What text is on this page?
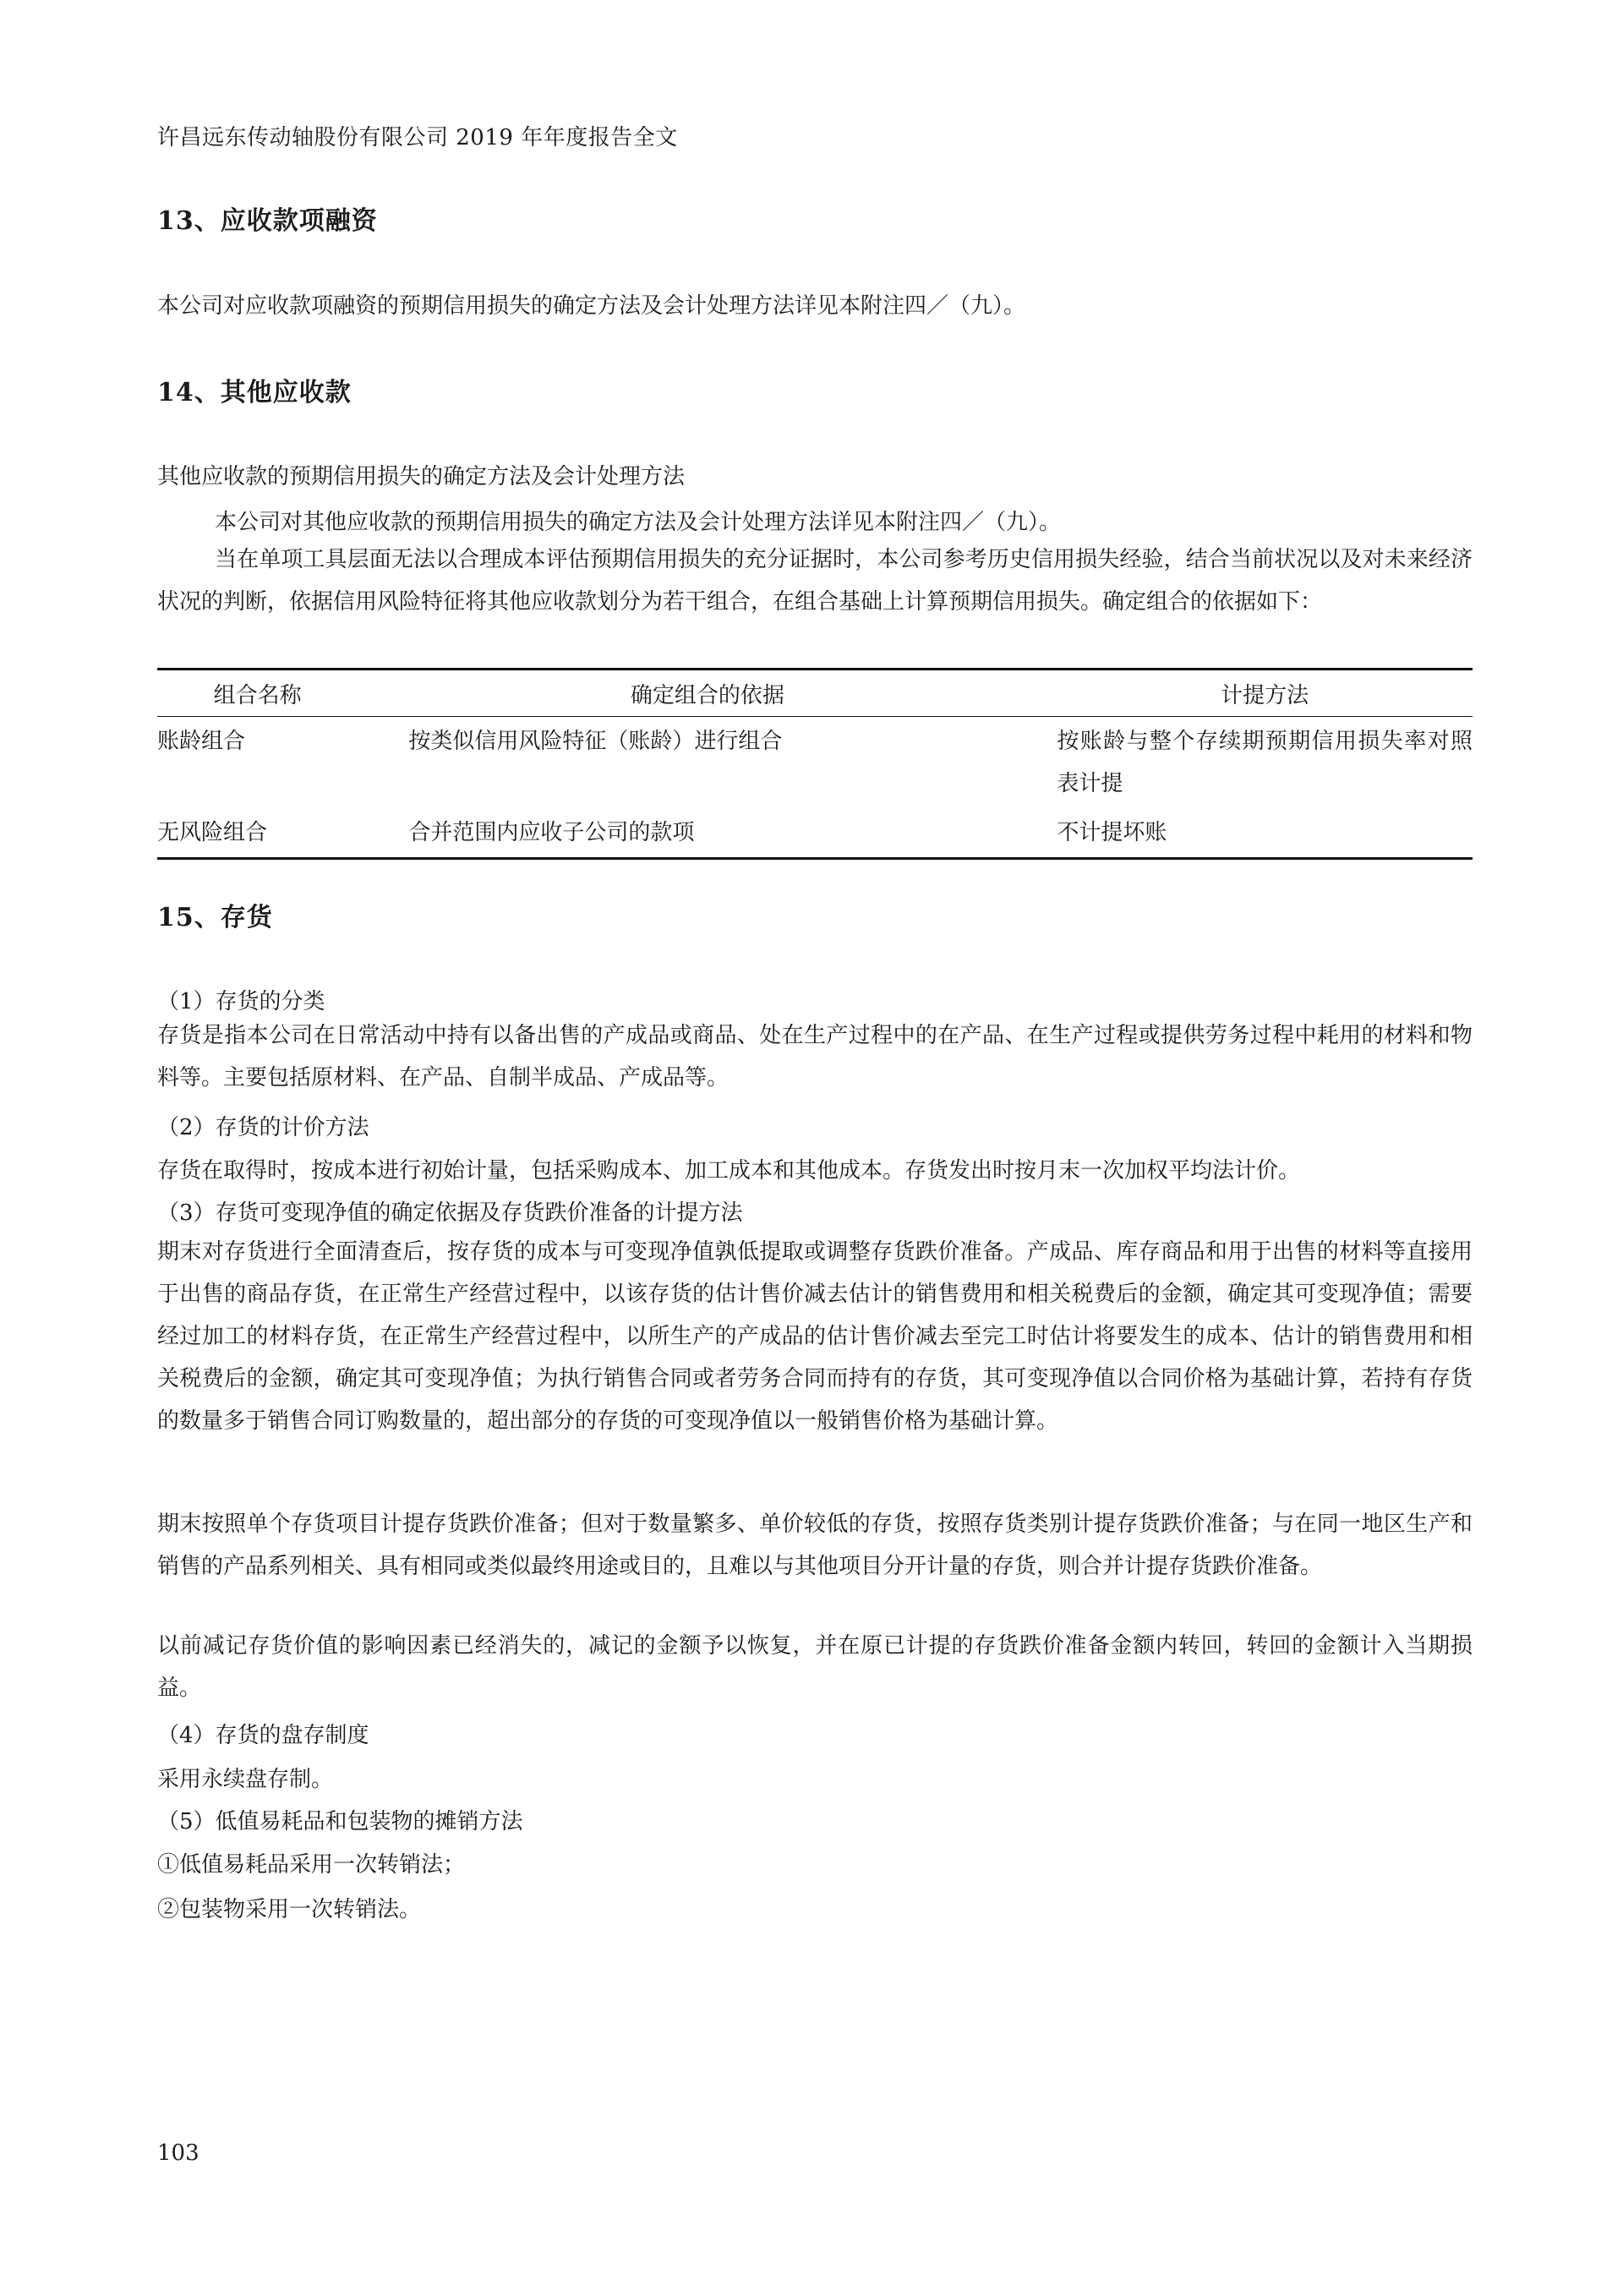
许昌远东传动轴股份有限公司 2019 年年度报告全文
13、应收款项融资
本公司对应收款项融资的预期信用损失的确定方法及会计处理方法详见本附注四／（九）。
14、其他应收款
其他应收款的预期信用损失的确定方法及会计处理方法
本公司对其他应收款的预期信用损失的确定方法及会计处理方法详见本附注四／（九）。
当在单项工具层面无法以合理成本评估预期信用损失的充分证据时，本公司参考历史信用损失经验，结合当前状况以及对未来经济状况的判断，依据信用风险特征将其他应收款划分为若干组合，在组合基础上计算预期信用损失。确定组合的依据如下：
组合名称	确定组合的依据	计提方法
账龄组合	按类似信用风险特征（账龄）进行组合	按账龄与整个存续期预期信用损失率对照表计提
无风险组合	合并范围内应收子公司的款项	不计提坏账
15、存货
（1）存货的分类
存货是指本公司在日常活动中持有以备出售的产成品或商品、处在生产过程中的在产品、在生产过程或提供劳务过程中耗用的材料和物料等。主要包括原材料、在产品、自制半成品、产成品等。
（2）存货的计价方法
存货在取得时，按成本进行初始计量，包括采购成本、加工成本和其他成本。存货发出时按月末一次加权平均法计价。
（3）存货可变现净值的确定依据及存货跌价准备的计提方法
期末对存货进行全面清查后，按存货的成本与可变现净值孰低提取或调整存货跌价准备。产成品、库存商品和用于出售的材料等直接用于出售的商品存货，在正常生产经营过程中，以该存货的估计售价减去估计的销售费用和相关税费后的金额，确定其可变现净值；需要经过加工的材料存货，在正常生产经营过程中，以所生产的产成品的估计售价减去至完工时估计将要发生的成本、估计的销售费用和相关税费后的金额，确定其可变现净值；为执行销售合同或者劳务合同而持有的存货，其可变现净值以合同价格为基础计算，若持有存货的数量多于销售合同订购数量的，超出部分的存货的可变现净值以一般销售价格为基础计算。
期末按照单个存货项目计提存货跌价准备；但对于数量繁多、单价较低的存货，按照存货类别计提存货跌价准备；与在同一地区生产和销售的产品系列相关、具有相同或类似最终用途或目的，且难以与其他项目分开计量的存货，则合并计提存货跌价准备。
以前减记存货价值的影响因素已经消失的，减记的金额予以恢复，并在原已计提的存货跌价准备金额内转回，转回的金额计入当期损益。
（4）存货的盘存制度
采用永续盘存制。
（5）低值易耗品和包装物的摊销方法
①低值易耗品采用一次转销法；
②包装物采用一次转销法。
103
